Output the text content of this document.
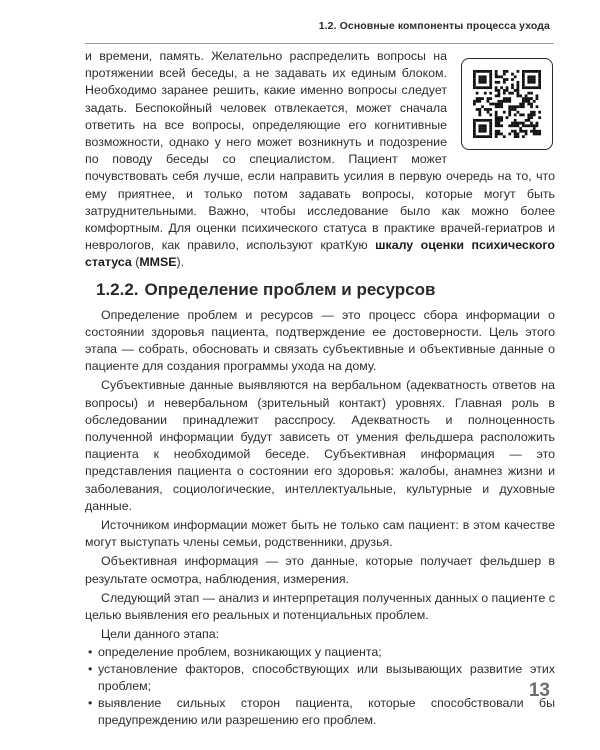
1.2. Основные компоненты процесса ухода

и времени, память. Желательно распределить вопросы на протяжении всей беседы, а не задавать их единым блоком. Необходимо заранее решить, какие именно вопросы следует задать. Беспокойный человек отвлекается, может сначала ответить на все вопросы, определяющие его когнитивные возможности, однако у него может возникнуть и подозрение по поводу беседы со специалистом. Пациент может почувствовать себя лучше, если направить усилия в первую очередь на то, что ему приятнее, и только потом задавать вопросы, которые могут быть затруднительными. Важно, чтобы исследование было как можно более комфортным. Для оценки психического статуса в практике врачей-гериатров и неврологов, как правило, используют кратКую шкалу оценки психического статуса (MMSE).

1.2.2. Определение проблем и ресурсов

Определение проблем и ресурсов — это процесс сбора информации о состоянии здоровья пациента, подтверждение ее достоверности. Цель этого этапа — собрать, обосновать и связать субъективные и объективные данные о пациенте для создания программы ухода на дому.

Субъективные данные выявляются на вербальном (адекватность ответов на вопросы) и невербальном (зрительный контакт) уровнях. Главная роль в обследовании принадлежит расспросу. Адекватность и полноценность полученной информации будут зависеть от умения фельдшера расположить пациента к необходимой беседе. Субъективная информация — это представления пациента о состоянии его здоровья: жалобы, анамнез жизни и заболевания, социологические, интеллектуальные, культурные и духовные данные.

Источником информации может быть не только сам пациент: в этом качестве могут выступать члены семьи, родственники, друзья.

Объективная информация — это данные, которые получает фельдшер в результате осмотра, наблюдения, измерения.

Следующий этап — анализ и интерпретация полученных данных о пациенте с целью выявления его реальных и потенциальных проблем.

Цели данного этапа:

• определение проблем, возникающих у пациента;
• установление факторов, способствующих или вызывающих развитие этих проблем;
• выявление сильных сторон пациента, которые способствовали бы предупреждению или разрешению его проблем.
13
